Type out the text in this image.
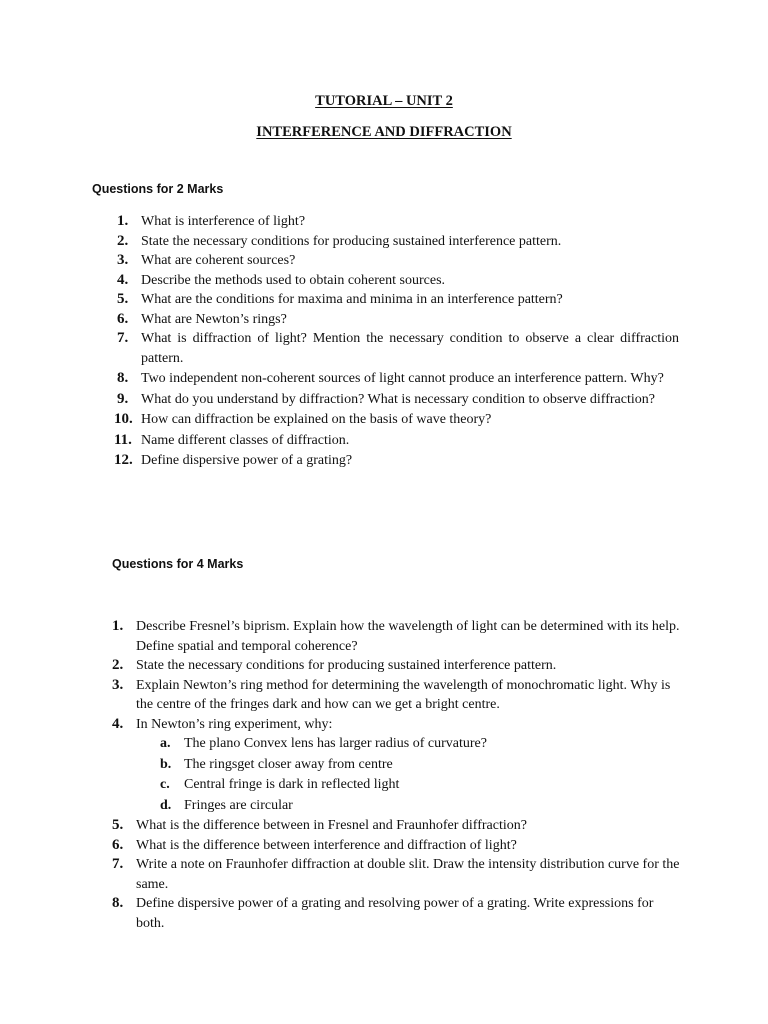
TUTORIAL – UNIT 2
INTERFERENCE AND DIFFRACTION
Questions for 2 Marks
1. What is interference of light?
2. State the necessary conditions for producing sustained interference pattern.
3. What are coherent sources?
4. Describe the methods used to obtain coherent sources.
5. What are the conditions for maxima and minima in an interference pattern?
6. What are Newton’s rings?
7. What is diffraction of light? Mention the necessary condition to observe a clear diffraction pattern.
8. Two independent non-coherent sources of light cannot produce an interference pattern. Why?
9. What do you understand by diffraction? What is necessary condition to observe diffraction?
10. How can diffraction be explained on the basis of wave theory?
11. Name different classes of diffraction.
12. Define dispersive power of a grating?
Questions for 4 Marks
1. Describe Fresnel’s biprism. Explain how the wavelength of light can be determined with its help. Define spatial and temporal coherence?
2. State the necessary conditions for producing sustained interference pattern.
3. Explain Newton’s ring method for determining the wavelength of monochromatic light. Why is the centre of the fringes dark and how can we get a bright centre.
4. In Newton’s ring experiment, why:
a. The plano Convex lens has larger radius of curvature?
b. The ringsget closer away from centre
c. Central fringe is dark in reflected light
d. Fringes are circular
5. What is the difference between in Fresnel and Fraunhofer diffraction?
6. What is the difference between interference and diffraction of light?
7. Write a note on Fraunhofer diffraction at double slit. Draw the intensity distribution curve for the same.
8. Define dispersive power of a grating and resolving power of a grating. Write expressions for both.
